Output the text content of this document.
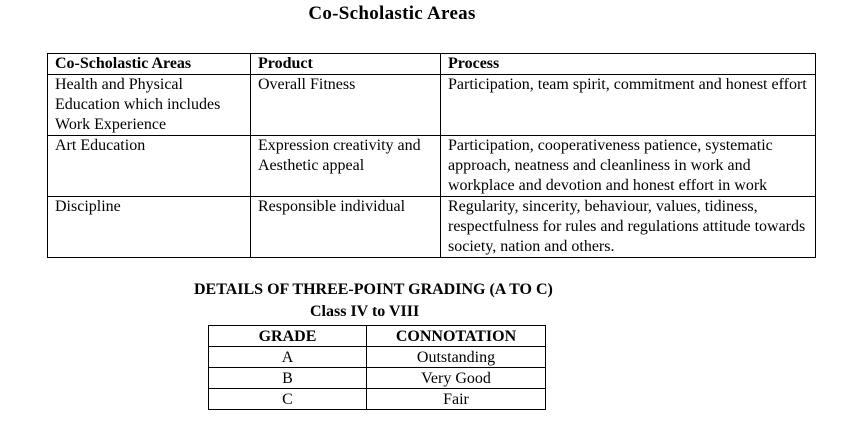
Co-Scholastic Areas
Co-Scholastic Areas	Product	Process
Health and Physical Education which includes Work Experience	Overall Fitness	Participation, team spirit, commitment and honest effort
Art Education	Expression creativity and Aesthetic appeal	Participation, cooperativeness patience, systematic approach, neatness and cleanliness in work and workplace and devotion and honest effort in work
Discipline	Responsible individual	Regularity, sincerity, behaviour, values, tidiness, respectfulness for rules and regulations attitude towards society, nation and others.

DETAILS OF THREE-POINT GRADING (A TO C)

Class IV to VIII

GRADE	CONNOTATION
A	Outstanding
B	Very Good
C	Fair
